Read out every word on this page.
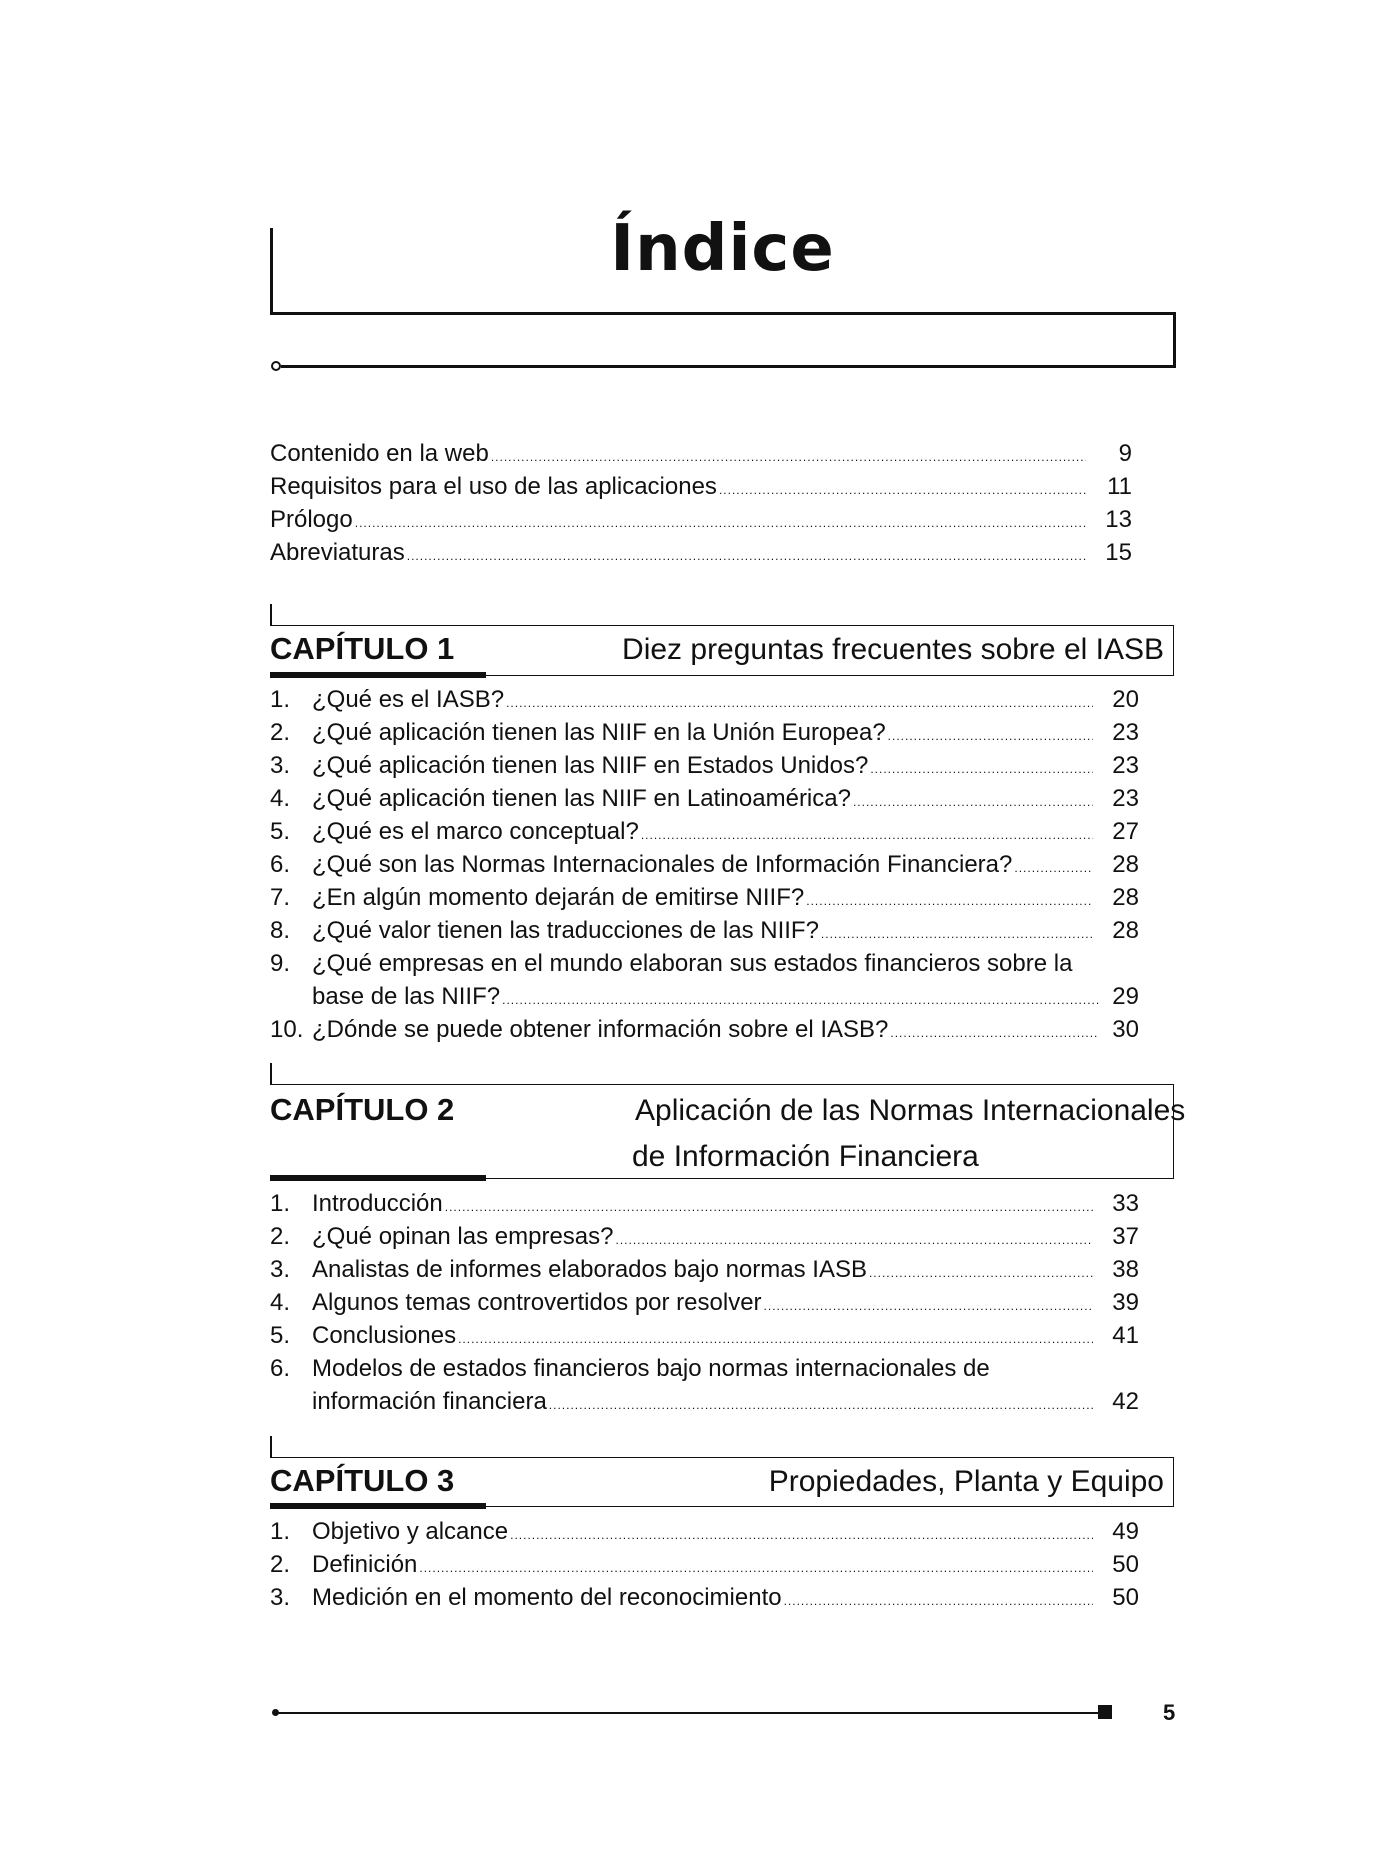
Índice
Contenido en la web .....	9
Requisitos para el uso de las aplicaciones .....	11
Prólogo .....	13
Abreviaturas .....	15
CAPÍTULO 1	Diez preguntas frecuentes sobre el IASB
1. ¿Qué es el IASB? .....	20
2. ¿Qué aplicación tienen las NIIF en la Unión Europea? .....	23
3. ¿Qué aplicación tienen las NIIF en Estados Unidos? .....	23
4. ¿Qué aplicación tienen las NIIF en Latinoamérica? .....	23
5. ¿Qué es el marco conceptual? .....	27
6. ¿Qué son las Normas Internacionales de Información Financiera? .....	28
7. ¿En algún momento dejarán de emitirse NIIF? .....	28
8. ¿Qué valor tienen las traducciones de las NIIF? .....	28
9. ¿Qué empresas en el mundo elaboran sus estados financieros sobre la
base de las NIIF? .....	29
10. ¿Dónde se puede obtener información sobre el IASB? .....	30
CAPÍTULO 2	Aplicación de las Normas Internacionales
de Información Financiera
1. Introducción .....	33
2. ¿Qué opinan las empresas? .....	37
3. Analistas de informes elaborados bajo normas IASB .....	38
4. Algunos temas controvertidos por resolver .....	39
5. Conclusiones .....	41
6. Modelos de estados financieros bajo normas internacionales de
información financiera .....	42
CAPÍTULO 3	Propiedades, Planta y Equipo
1. Objetivo y alcance .....	49
2. Definición .....	50
3. Medición en el momento del reconocimiento .....	50
5
